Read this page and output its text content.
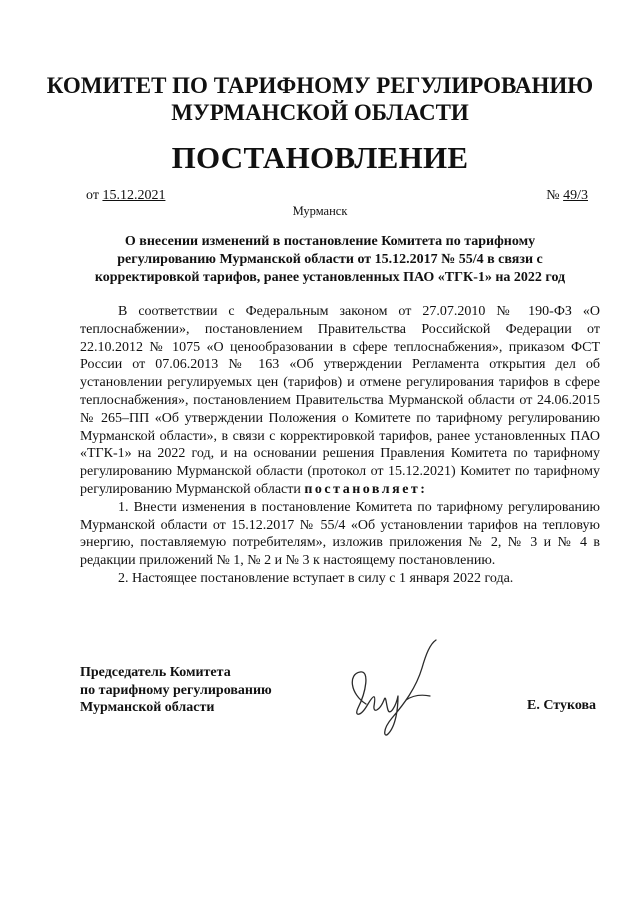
КОМИТЕТ ПО ТАРИФНОМУ РЕГУЛИРОВАНИЮ
МУРМАНСКОЙ ОБЛАСТИ
ПОСТАНОВЛЕНИЕ
от 15.12.2021	№ 49/3
Мурманск
О внесении изменений в постановление Комитета по тарифному
регулированию Мурманской области от 15.12.2017 № 55/4 в связи с
корректировкой тарифов, ранее установленных ПАО «ТГК-1» на 2022 год

В соответствии с Федеральным законом от 27.07.2010 № 190-ФЗ «О теплоснабжении», постановлением Правительства Российской Федерации от 22.10.2012 № 1075 «О ценообразовании в сфере теплоснабжения», приказом ФСТ России от 07.06.2013 № 163 «Об утверждении Регламента открытия дел об установлении регулируемых цен (тарифов) и отмене регулирования тарифов в сфере теплоснабжения», постановлением Правительства Мурманской области от 24.06.2015 № 265–ПП «Об утверждении Положения о Комитете по тарифному регулированию Мурманской области», в связи с корректировкой тарифов, ранее установленных ПАО «ТГК-1» на 2022 год, и на основании решения Правления Комитета по тарифному регулированию Мурманской области (протокол от 15.12.2021) Комитет по тарифному регулированию Мурманской области постановляет:

1. Внести изменения в постановление Комитета по тарифному регулированию Мурманской области от 15.12.2017 № 55/4 «Об установлении тарифов на тепловую энергию, поставляемую потребителям», изложив приложения № 2, № 3 и № 4 в редакции приложений № 1, № 2 и № 3 к настоящему постановлению.

2. Настоящее постановление вступает в силу с 1 января 2022 года.

Председатель Комитета
по тарифному регулированию
Мурманской области	Е. Стукова
